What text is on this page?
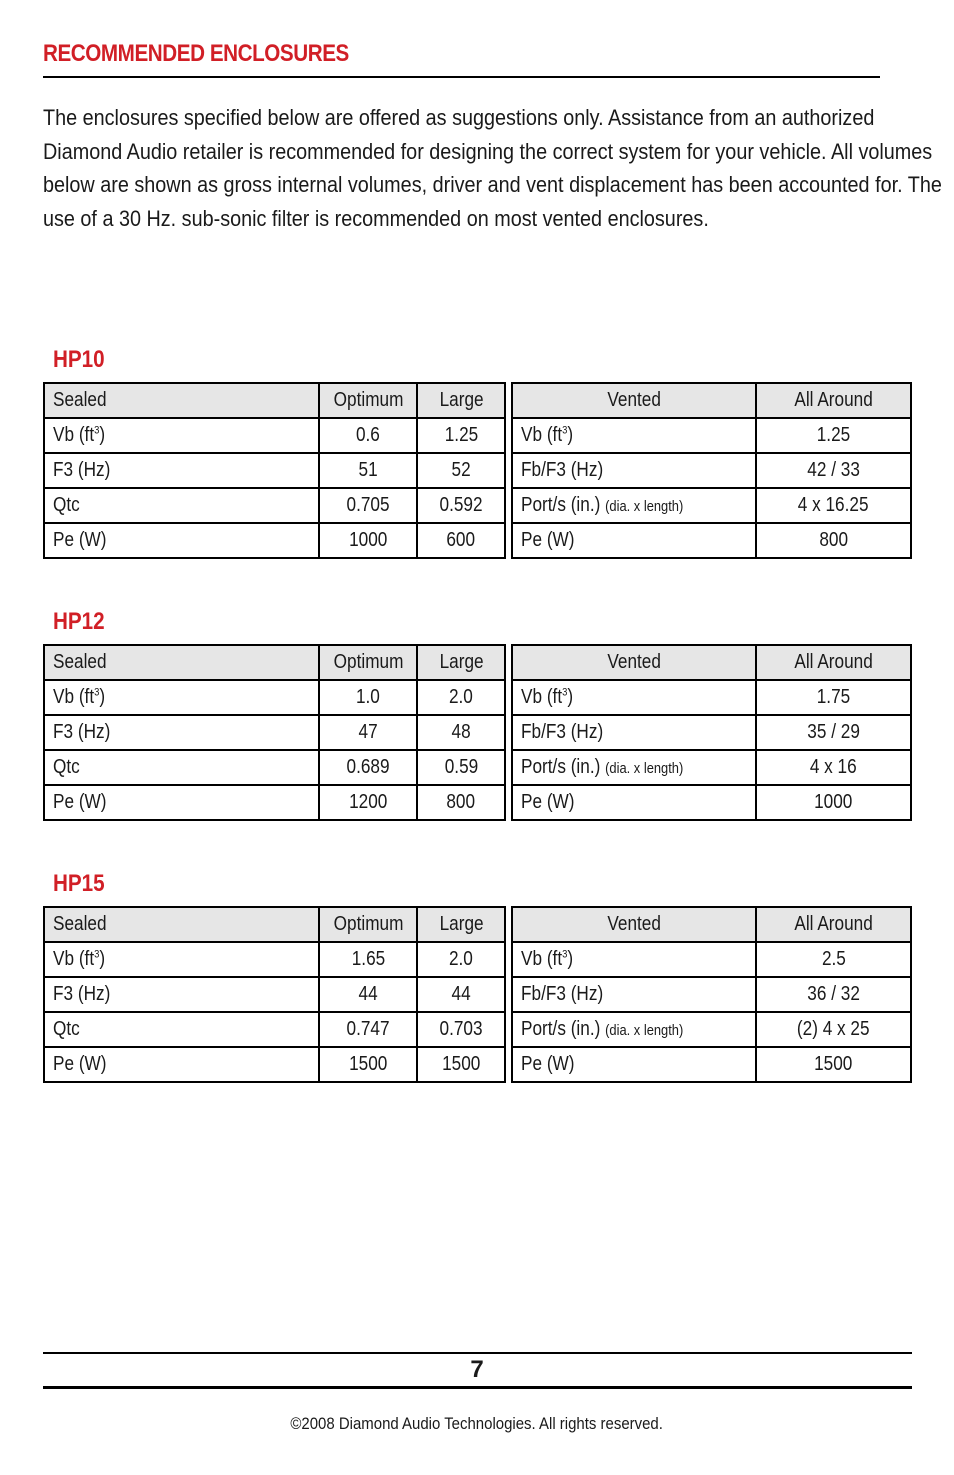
RECOMMENDED ENCLOSURES

The enclosures specified below are offered as suggestions only. Assistance from an authorized

Diamond Audio retailer is recommended for designing the correct system for your vehicle. All volumes

below are shown as gross internal volumes, driver and vent displacement has been accounted for. The

use of a 30 Hz. sub-sonic filter is recommended on most vented enclosures.

HP10
Sealed	Optimum	Large
Vb $(ft^3)$	0.6	1.25
F3 (Hz)	51	52
Qtc	0.705	0.592
Pe (W)	1000	600
Vented	All Around
Vb $(ft^3)$	1.25
Fb/F3 (Hz)	42 / 33
Port/s (in.) (dia. x length)	4 x 16.25
Pe (W)	800
HP12
Sealed	Optimum	Large
Vb $(ft^3)$	1.0	2.0
F3 (Hz)	47	48
Qtc	0.689	0.59
Pe (W)	1200	800
Vented	All Around
Vb $(ft^3)$	1.75
Fb/F3 (Hz)	35 / 29
Port/s (in.) (dia. x length)	4 x 16
Pe (W)	1000
HP15
Sealed	Optimum	Large
Vb $(ft^3)$	1.65	2.0
F3 (Hz)	44	44
Qtc	0.747	0.703
Pe (W)	1500	1500
Vented	All Around
Vb $(ft^3)$	2.5
Fb/F3 (Hz)	36 / 32
Port/s (in.) (dia. x length)	(2) 4 x 25
Pe (W)	1500
7
©2008 Diamond Audio Technologies. All rights reserved.
